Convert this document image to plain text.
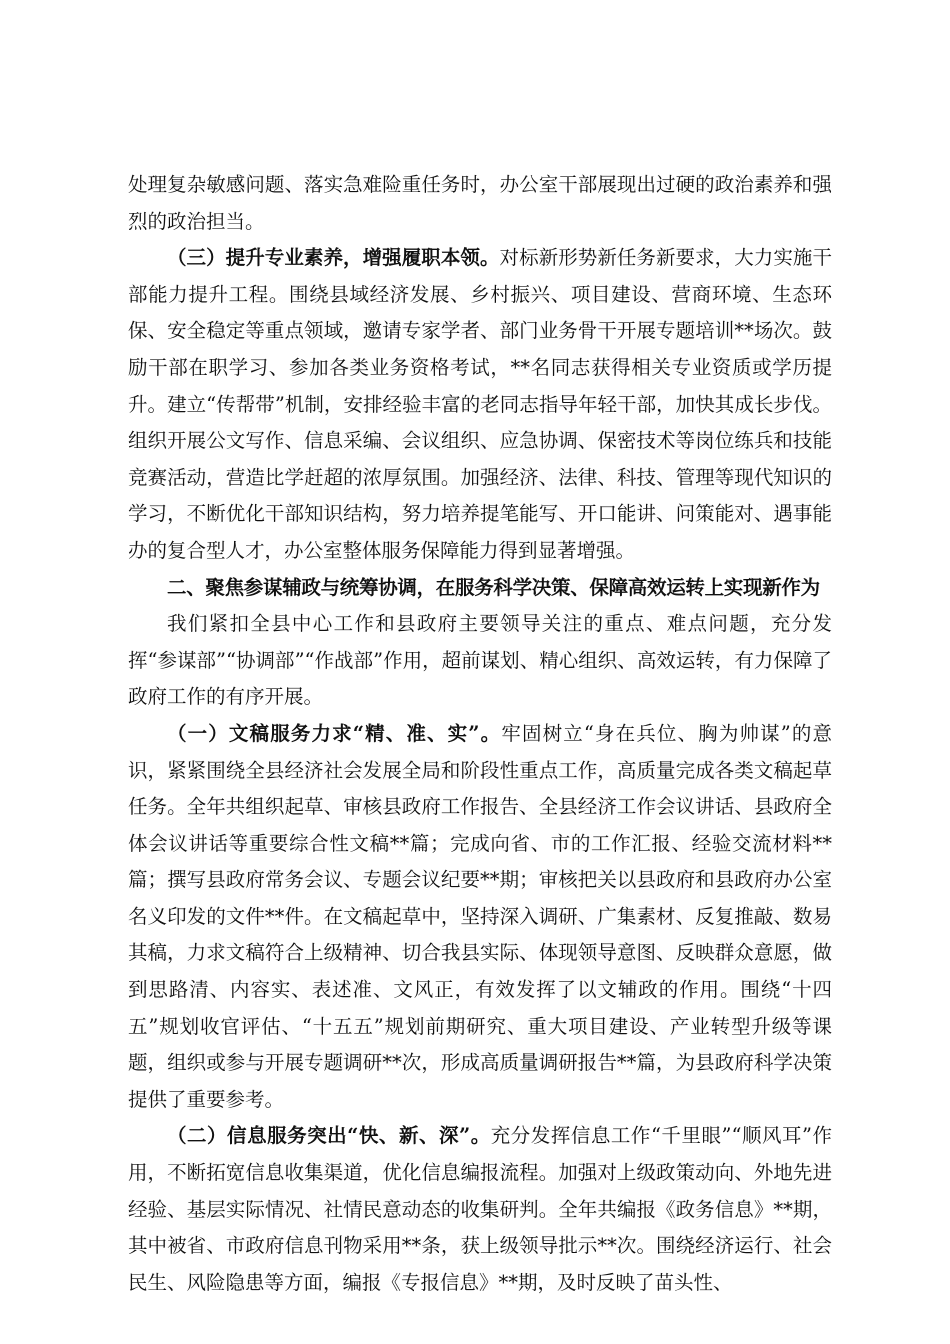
处理复杂敏感问题、落实急难险重任务时，办公室干部展现出过硬的政治素养和强烈的政治担当。

（三）提升专业素养，增强履职本领。对标新形势新任务新要求，大力实施干部能力提升工程。围绕县域经济发展、乡村振兴、项目建设、营商环境、生态环保、安全稳定等重点领域，邀请专家学者、部门业务骨干开展专题培训**场次。鼓励干部在职学习、参加各类业务资格考试，**名同志获得相关专业资质或学历提升。建立“传帮带”机制，安排经验丰富的老同志指导年轻干部，加快其成长步伐。组织开展公文写作、信息采编、会议组织、应急协调、保密技术等岗位练兵和技能竞赛活动，营造比学赶超的浓厚氛围。加强经济、法律、科技、管理等现代知识的学习，不断优化干部知识结构，努力培养提笔能写、开口能讲、问策能对、遇事能办的复合型人才，办公室整体服务保障能力得到显著增强。

二、聚焦参谋辅政与统筹协调，在服务科学决策、保障高效运转上实现新作为

我们紧扣全县中心工作和县政府主要领导关注的重点、难点问题，充分发挥“参谋部”“协调部”“作战部”作用，超前谋划、精心组织、高效运转，有力保障了政府工作的有序开展。

（一）文稿服务力求“精、准、实”。牢固树立“身在兵位、胸为帅谋”的意识，紧紧围绕全县经济社会发展全局和阶段性重点工作，高质量完成各类文稿起草任务。全年共组织起草、审核县政府工作报告、全县经济工作会议讲话、县政府全体会议讲话等重要综合性文稿**篇；完成向省、市的工作汇报、经验交流材料**篇；撰写县政府常务会议、专题会议纪要**期；审核把关以县政府和县政府办公室名义印发的文件**件。在文稿起草中，坚持深入调研、广集素材、反复推敲、数易其稿，力求文稿符合上级精神、切合我县实际、体现领导意图、反映群众意愿，做到思路清、内容实、表述准、文风正，有效发挥了以文辅政的作用。围绕“十四五”规划收官评估、“十五五”规划前期研究、重大项目建设、产业转型升级等课题，组织或参与开展专题调研**次，形成高质量调研报告**篇，为县政府科学决策提供了重要参考。

（二）信息服务突出“快、新、深”。充分发挥信息工作“千里眼”“顺风耳”作用，不断拓宽信息收集渠道，优化信息编报流程。加强对上级政策动向、外地先进经验、基层实际情况、社情民意动态的收集研判。全年共编报《政务信息》**期，其中被省、市政府信息刊物采用**条，获上级领导批示**次。围绕经济运行、社会民生、风险隐患等方面，编报《专报信息》**期，及时反映了苗头性、
